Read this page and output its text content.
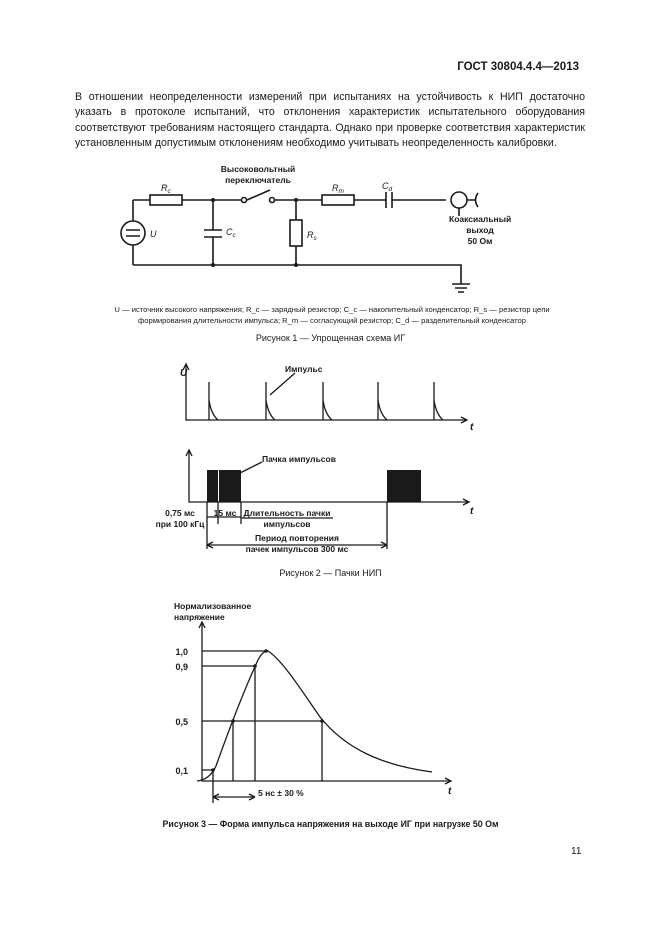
ГОСТ 30804.4.4—2013
В отношении неопределенности измерений при испытаниях на устойчивость к НИП достаточно указать в протоколе испытаний, что отклонения характеристик испытательного оборудования соответствуют требованиям настоящего стандарта. Однако при проверке соответствия характеристик установленным допустимым отклонениям необходимо учитывать неопределенность калибровки.
Высоковольтный
переключатель
Коаксиальный
выход
50 Ом
$R_c$
$C_c$	$R_s$
$R_m$
$C_d$
U
U
t
Импульс
Пачка импульсов
t
0,75 мс
при 100 кГц
15 мс Длительность пачки
импульсов
Период повторения
пачек импульсов 300 мс
Нормализованное
напряжение
1,0
0,9
0,5
0,1
t
5 нс ± 30 %
U — источник высокого напряжения; R_c — зарядный резистор; C_c — накопительный конденсатор; R_s — резистор цепи
формирования длительности импульса; R_m — согласующий резистор; C_d — разделительный конденсатор
Рисунок 1 — Упрощенная схема ИГ
Рисунок 2 — Пачки НИП
Рисунок 3 — Форма импульса напряжения на выходе ИГ при нагрузке 50 Ом
11
